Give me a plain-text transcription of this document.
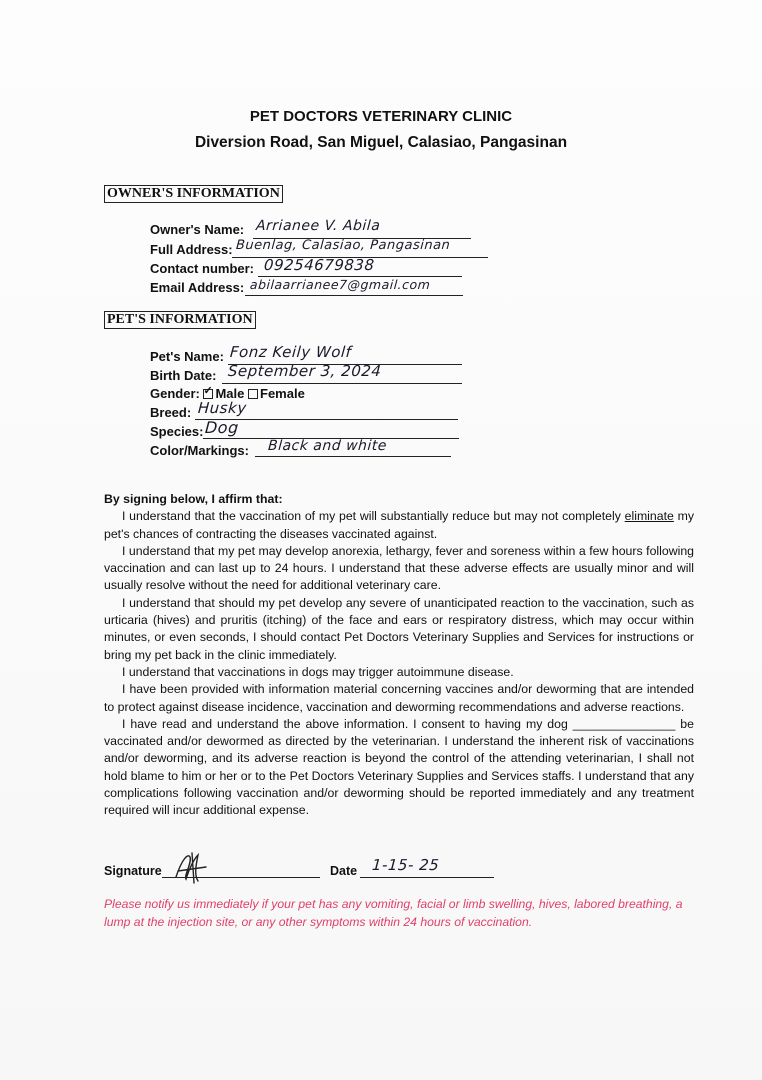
PET DOCTORS VETERINARY CLINIC
Diversion Road, San Miguel, Calasiao, Pangasinan
OWNER'S INFORMATION
Owner's Name: Arrianee V. Abila
Full Address: Buenlag, Calasiao, Pangasinan
Contact number: 09254679838
Email Address: abilaarrianee7@gmail.com
PET'S INFORMATION
Pet's Name: Fonz Keily Wolf
Birth Date: September 3, 2024
Gender: ✓ Male Female
Breed: Husky
Species: Dog
Color/Markings: Black and white

By signing below, I affirm that:

I understand that the vaccination of my pet will substantially reduce but may not completely eliminate my pet's chances of contracting the diseases vaccinated against.

I understand that my pet may develop anorexia, lethargy, fever and soreness within a few hours following vaccination and can last up to 24 hours. I understand that these adverse effects are usually minor and will usually resolve without the need for additional veterinary care.

I understand that should my pet develop any severe of unanticipated reaction to the vaccination, such as urticaria (hives) and pruritis (itching) of the face and ears or respiratory distress, which may occur within minutes, or even seconds, I should contact Pet Doctors Veterinary Supplies and Services for instructions or bring my pet back in the clinic immediately.

I understand that vaccinations in dogs may trigger autoimmune disease.

I have been provided with information material concerning vaccines and/or deworming that are intended to protect against disease incidence, vaccination and deworming recommendations and adverse reactions.

I have read and understand the above information. I consent to having my dog _______________ be vaccinated and/or dewormed as directed by the veterinarian. I understand the inherent risk of vaccinations and/or deworming, and its adverse reaction is beyond the control of the attending veterinarian, I shall not hold blame to him or her or to the Pet Doctors Veterinary Supplies and Services staffs. I understand that any complications following vaccination and/or deworming should be reported immediately and any treatment required will incur additional expense.

Signature	Date 1-15- 25
Please notify us immediately if your pet has any vomiting, facial or limb swelling, hives, labored breathing, a lump at the injection site, or any other symptoms within 24 hours of vaccination.
